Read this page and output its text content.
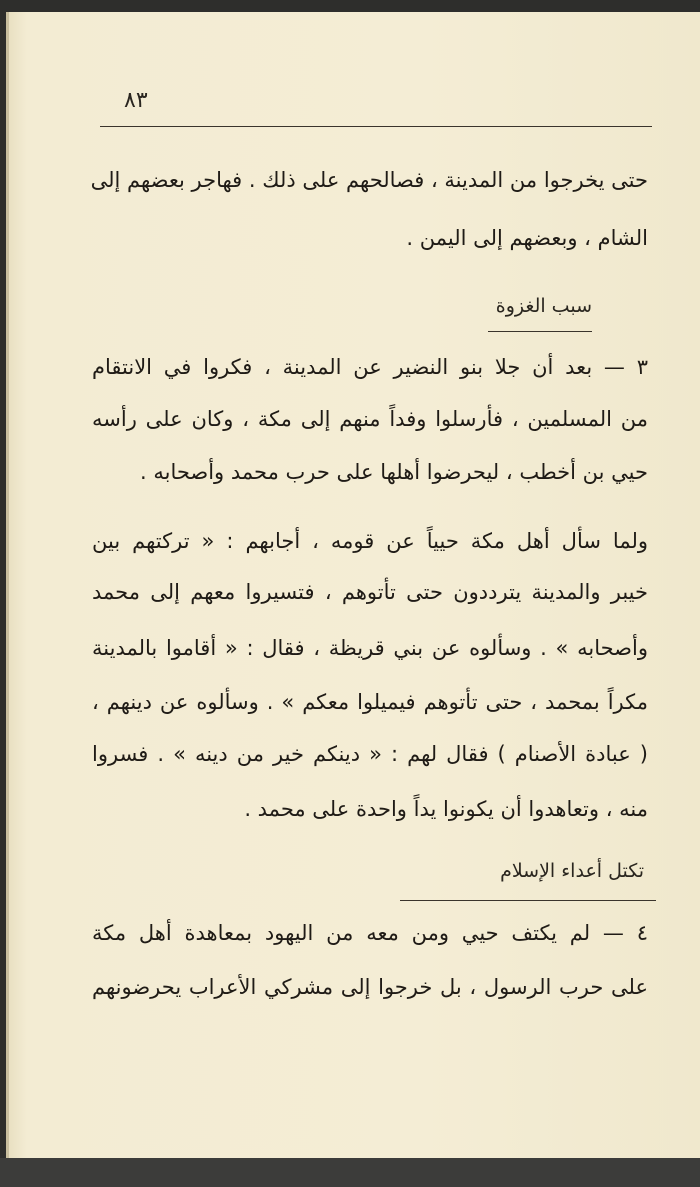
٨٣
حتى يخرجوا من المدينة ، فصالحهم على ذلك . فهاجر بعضهم إلى
الشام ، وبعضهم إلى اليمن .
سبب الغزوة
٣ — بعد أن جلا بنو النضير عن المدينة ، فكروا في الانتقام
من المسلمين ، فأرسلوا وفداً منهم إلى مكة ، وكان على رأسه
حيي بن أخطب ، ليحرضوا أهلها على حرب محمد وأصحابه .
ولما سأل أهل مكة حيياً عن قومه ، أجابهم : « تركتهم بين
خيبر والمدينة يترددون حتى تأتوهم ، فتسيروا معهم إلى محمد
وأصحابه » . وسألوه عن بني قريظة ، فقال : « أقاموا بالمدينة
مكراً بمحمد ، حتى تأتوهم فيميلوا معكم » . وسألوه عن دينهم ،
( عبادة الأصنام ) فقال لهم : « دينكم خير من دينه » . فسروا
منه ، وتعاهدوا أن يكونوا يداً واحدة على محمد .
تكتل أعداء الإسلام
٤ — لم يكتف حيي ومن معه من اليهود بمعاهدة أهل مكة
على حرب الرسول ، بل خرجوا إلى مشركي الأعراب يحرضونهم
